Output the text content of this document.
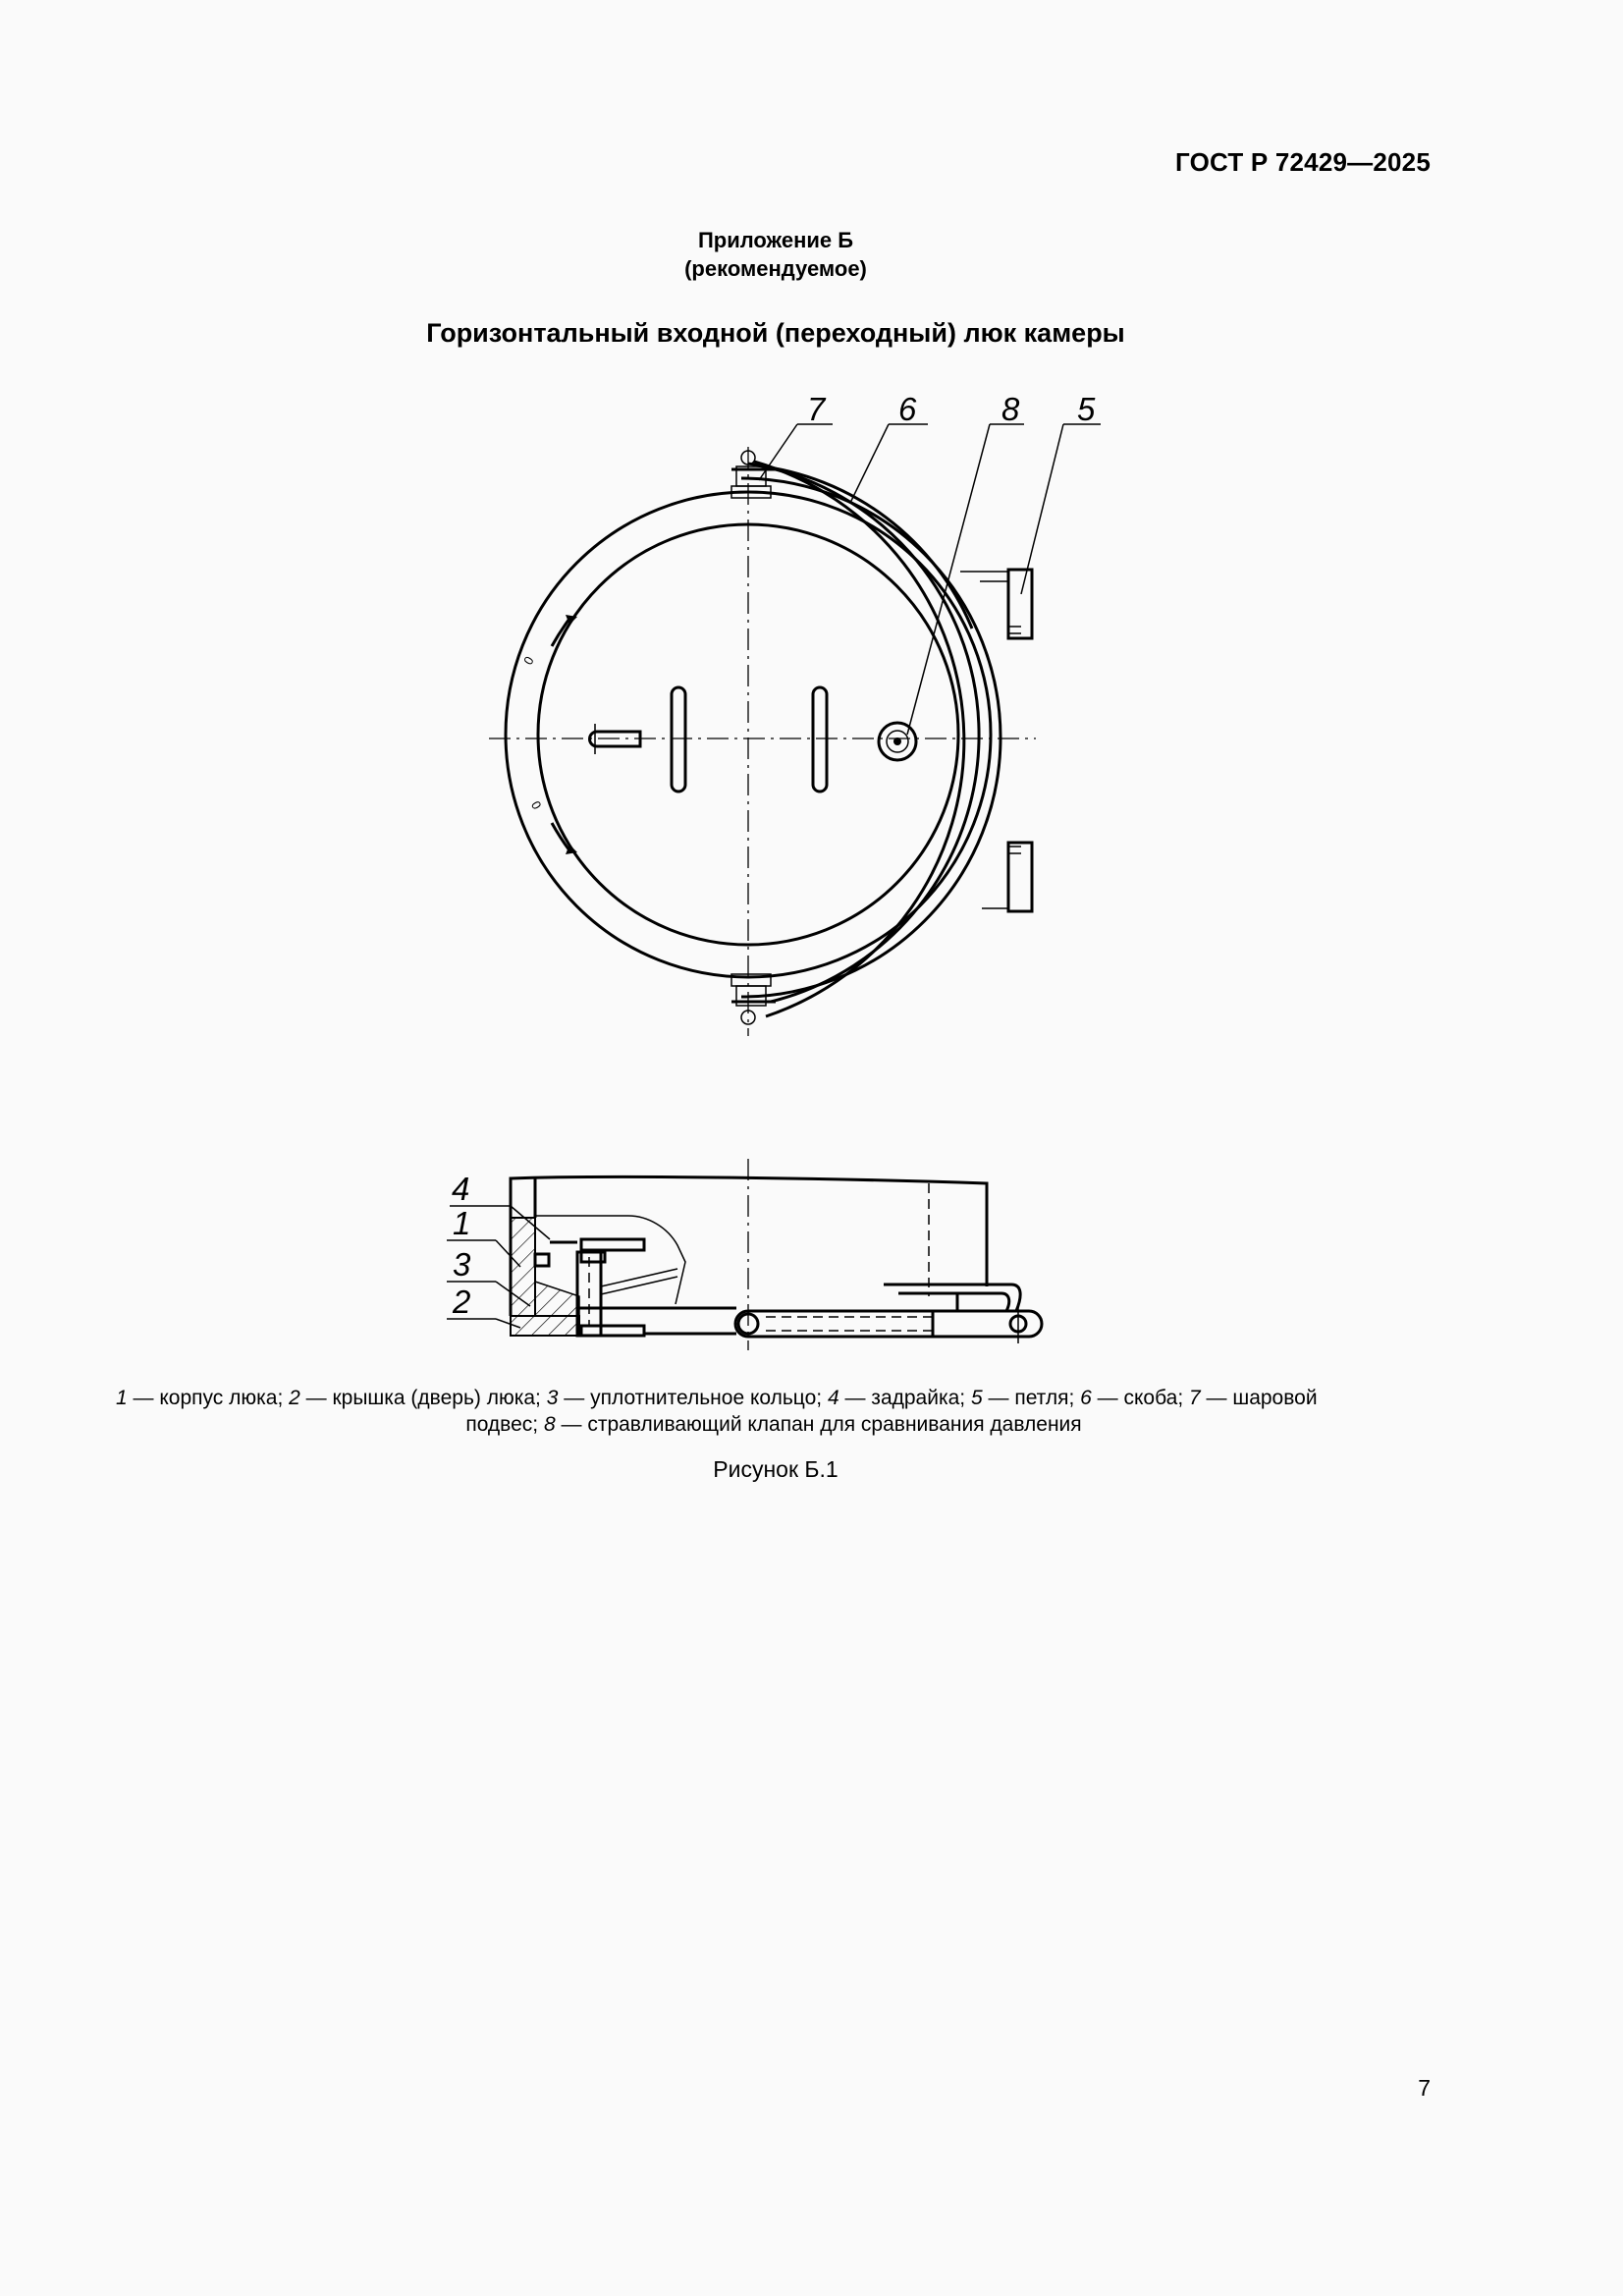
ГОСТ Р 72429—2025
Приложение Б
(рекомендуемое)
Горизонтальный входной (переходный) люк камеры
0
0
7 6	8 5
4
1
3
2
1 — корпус люка; 2 — крышка (дверь) люка; 3 — уплотнительное кольцо; 4 — задрайка; 5 — петля; 6 — скоба; 7 — шаровой
подвес; 8 — стравливающий клапан для сравнивания давления
Рисунок Б.1
7
